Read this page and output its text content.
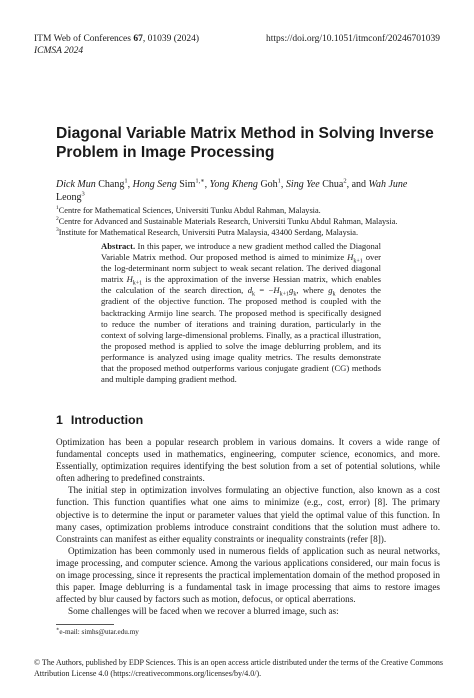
ITM Web of Conferences 67, 01039 (2024)	https://doi.org/10.1051/itmconf/20246701039
ICMSA 2024
Diagonal Variable Matrix Method in Solving Inverse Problem in Image Processing
Dick Mun Chang$^1$, Hong Seng Sim$^{1,∗}$, Yong Kheng Goh$^1$, Sing Yee Chua$^2$, and Wah June Leong$^3$
$^1$Centre for Mathematical Sciences, Universiti Tunku Abdul Rahman, Malaysia.
$^2$Centre for Advanced and Sustainable Materials Research, Universiti Tunku Abdul Rahman, Malaysia.
$^3$Institute for Mathematical Research, Universiti Putra Malaysia, 43400 Serdang, Malaysia.
Abstract. In this paper, we introduce a new gradient method called the Diagonal Variable Matrix method. Our proposed method is aimed to minimize $H_{k+1}$ over the log-determinant norm subject to weak secant relation. The derived diagonal matrix $H_{k+1}$ is the approximation of the inverse Hessian matrix, which enables the calculation of the search direction, $d_k = -H_{k+1}g_k$, where $g_k$ denotes the gradient of the objective function. The proposed method is coupled with the backtracking Armijo line search. The proposed method is specifically designed to reduce the number of iterations and training duration, particularly in the context of solving large-dimensional problems. Finally, as a practical illustration, the proposed method is applied to solve the image deblurring problem, and its performance is analyzed using image quality metrics. The results demonstrate that the proposed method outperforms various conjugate gradient (CG) methods and multiple damping gradient method.
1 Introduction

Optimization has been a popular research problem in various domains. It covers a wide range of fundamental concepts used in mathematics, engineering, computer science, economics, and more. Essentially, optimization requires identifying the best solution from a set of potential solutions, while often adhering to predefined constraints.

The initial step in optimization involves formulating an objective function, also known as a cost function. This function quantifies what one aims to minimize (e.g., cost, error) [8]. The primary objective is to determine the input or parameter values that yield the optimal value of this function. In many cases, optimization problems introduce constraint conditions that the solution must adhere to. Constraints can manifest as either equality constraints or inequality constraints (refer [8]).

Optimization has been commonly used in numerous fields of application such as neural networks, image processing, and computer science. Among the various applications considered, our main focus is on image processing, since it represents the practical implementation domain of the method proposed in this paper. Image deblurring is a fundamental task in image processing that aims to restore images affected by blur caused by factors such as motion, defocus, or optical aberrations.

Some challenges will be faced when we recover a blurred image, such as:

∗e-mail: simhs@utar.edu.my
© The Authors, published by EDP Sciences. This is an open access article distributed under the terms of the Creative Commons Attribution License 4.0 (https://creativecommons.org/licenses/by/4.0/).
